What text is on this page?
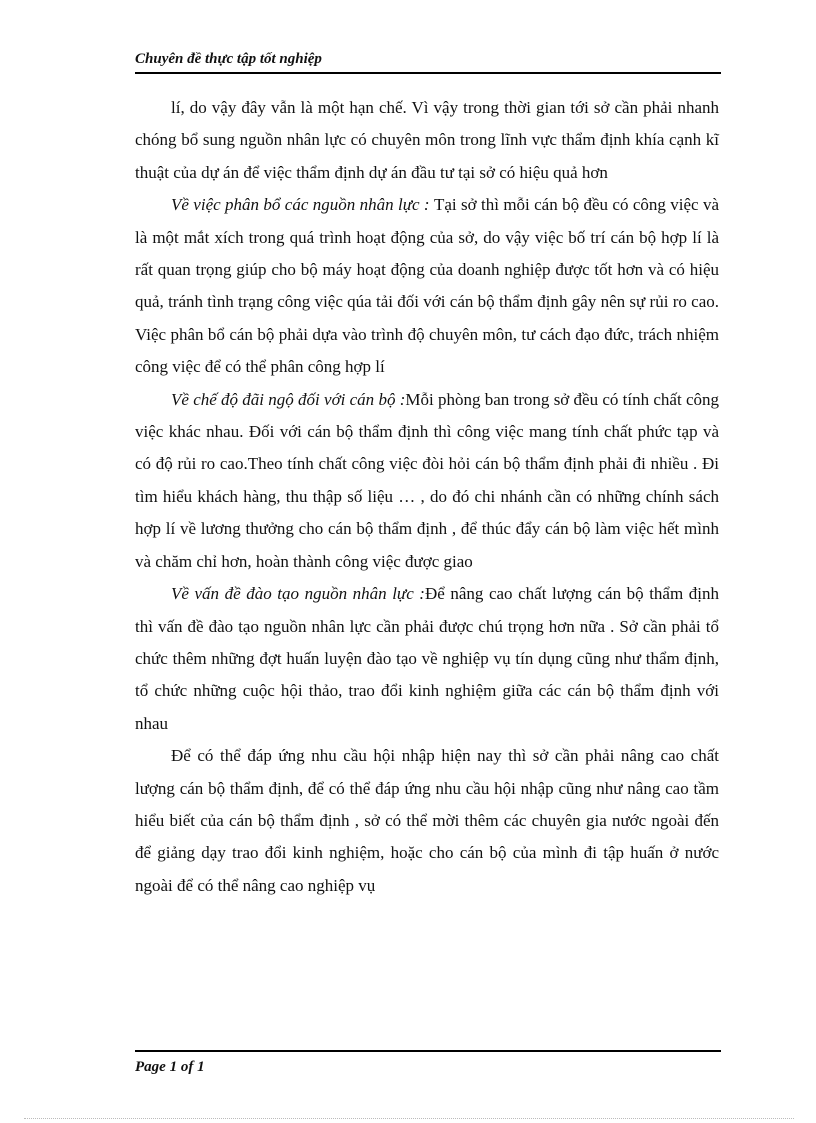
Chuyên đề thực tập tốt nghiệp

lí, do vậy đây vẫn là một hạn chế. Vì vậy trong thời gian tới sở cần phải nhanh chóng bổ sung nguồn nhân lực có chuyên môn trong lĩnh vực thẩm định khía cạnh kĩ thuật của dự án để việc thẩm định dự án đầu tư tại sở có hiệu quả hơn

Về việc phân bổ các nguồn nhân lực : Tại sở thì mỗi cán bộ đều có công việc và là một mắt xích trong quá trình hoạt động của sở, do vậy việc bố trí cán bộ hợp lí là rất quan trọng giúp cho bộ máy hoạt động của doanh nghiệp được tốt hơn và có hiệu quả, tránh tình trạng công việc qúa tải đối với cán bộ thẩm định gây nên sự rủi ro cao. Việc phân bổ cán bộ phải dựa vào trình độ chuyên môn, tư cách đạo đức, trách nhiệm công việc để có thể phân công hợp lí

Về chế độ đãi ngộ đối với cán bộ :Mỗi phòng ban trong sở đều có tính chất công việc khác nhau. Đối với cán bộ thẩm định thì công việc mang tính chất phức tạp và có độ rủi ro cao.Theo tính chất công việc đòi hỏi cán bộ thẩm định phải đi nhiều . Đi tìm hiểu khách hàng, thu thập số liệu … , do đó chi nhánh cần có những chính sách hợp lí về lương thưởng cho cán bộ thẩm định , để thúc đẩy cán bộ làm việc hết mình và chăm chỉ hơn, hoàn thành công việc được giao

Về vấn đề đào tạo nguồn nhân lực :Để nâng cao chất lượng cán bộ thẩm định thì vấn đề đào tạo nguồn nhân lực cần phải được chú trọng hơn nữa . Sở cần phải tổ chức thêm những đợt huấn luyện đào tạo về nghiệp vụ tín dụng cũng như thẩm định, tổ chức những cuộc hội thảo, trao đổi kinh nghiệm giữa các cán bộ thẩm định với nhau

Để có thể đáp ứng nhu cầu hội nhập hiện nay thì sở cần phải nâng cao chất lượng cán bộ thẩm định, để có thể đáp ứng nhu cầu hội nhập cũng như nâng cao tầm hiểu biết của cán bộ thẩm định , sở có thể mời thêm các chuyên gia nước ngoài đến để giảng dạy trao đổi kinh nghiệm, hoặc cho cán bộ của mình đi tập huấn ở nước ngoài để có thể nâng cao nghiệp vụ

Page 1 of 1
